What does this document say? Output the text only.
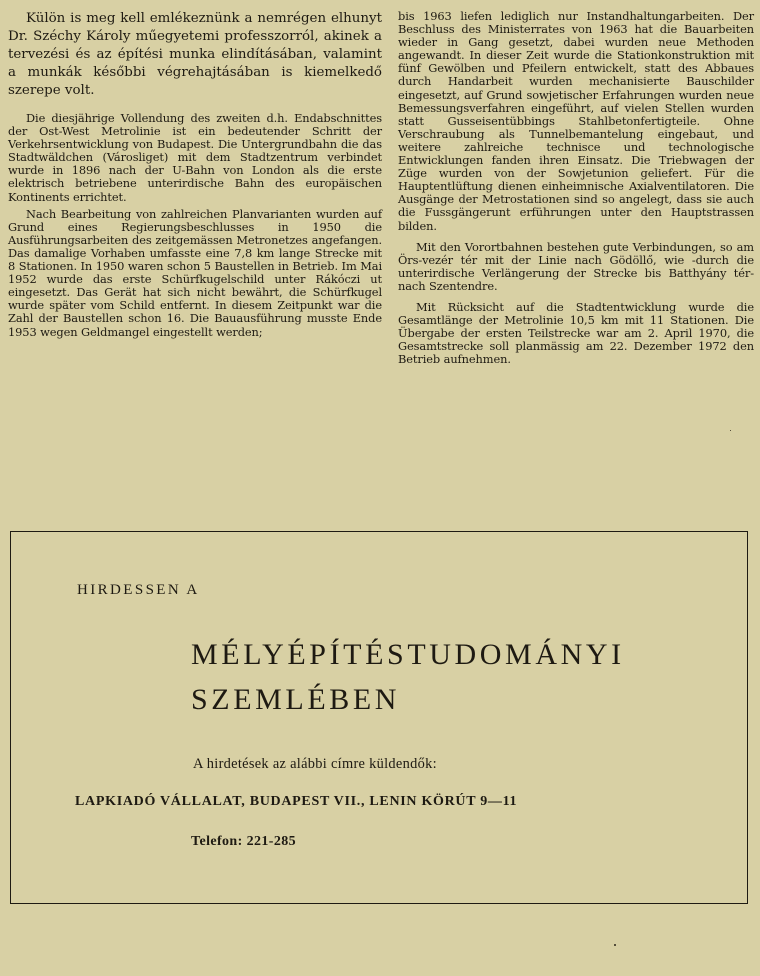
Külön is meg kell emlékeznünk a nemrégen elhunyt Dr. Széchy Károly műegyetemi professzorról, akinek a tervezési és az építési munka elindításában, valamint a munkák későbbi végrehajtásában is kiemelkedő szerepe volt.

Die diesjährige Vollendung des zweiten d.h. Endabschnittes der Ost-West Metrolinie ist ein bedeutender Schritt der Verkehrsentwicklung von Budapest. Die Untergrundbahn die das Stadtwäldchen (Városliget) mit dem Stadtzentrum verbindet wurde in 1896 nach der U-Bahn von London als die erste elektrisch betriebene unterirdische Bahn des europäischen Kontinents errichtet.

Nach Bearbeitung von zahlreichen Planvarianten wurden auf Grund eines Regierungsbeschlusses in 1950 die Ausführungsarbeiten des zeitgemässen Metronetzes angefangen. Das damalige Vorhaben umfasste eine 7,8 km lange Strecke mit 8 Stationen. In 1950 waren schon 5 Baustellen in Betrieb. Im Mai 1952 wurde das erste Schürfkugelschild unter Rákóczi ut eingesetzt. Das Gerät hat sich nicht bewährt, die Schürfkugel wurde später vom Schild entfernt. In diesem Zeitpunkt war die Zahl der Baustellen schon 16. Die Bauausführung musste Ende 1953 wegen Geldmangel eingestellt werden;

bis 1963 liefen lediglich nur Instandhaltungarbeiten. Der Beschluss des Ministerrates von 1963 hat die Bauarbeiten wieder in Gang gesetzt, dabei wurden neue Methoden angewandt. In dieser Zeit wurde die Stationkonstruktion mit fünf Gewölben und Pfeilern entwickelt, statt des Abbaues durch Handarbeit wurden mechanisierte Bauschilder eingesetzt, auf Grund sowjetischer Erfahrungen wurden neue Bemessungsverfahren eingeführt, auf vielen Stellen wurden statt Gusseisentübbings Stahlbetonfertigteile. Ohne Verschraubung als Tunnelbemantelung eingebaut, und weitere zahlreiche technisce und technologische Entwicklungen fanden ihren Einsatz. Die Triebwagen der Züge wurden von der Sowjetunion geliefert. Für die Hauptentlüftung dienen einheimnische Axialventilatoren. Die Ausgänge der Metrostationen sind so angelegt, dass sie auch die Fussgängerunt erführungen unter den Hauptstrassen bilden.

Mit den Vorortbahnen bestehen gute Verbindungen, so am Örs-vezér tér mit der Linie nach Gödöllő, wie -durch die unterirdische Verlängerung der Strecke bis Batthyány tér- nach Szentendre.

Mit Rücksicht auf die Stadtentwicklung wurde die Gesamtlänge der Metrolinie 10,5 km mit 11 Stationen. Die Übergabe der ersten Teilstrecke war am 2. April 1970, die Gesamtstrecke soll planmässig am 22. Dezember 1972 den Betrieb aufnehmen.

HIRDESSEN A
MÉLYÉPÍTÉSTUDOMÁNYI
SZEMLÉBEN
A hirdetések az alábbi címre küldendők:
LAPKIADÓ VÁLLALAT, BUDAPEST VII., LENIN KÖRÚT 9—11
Telefon: 221-285
